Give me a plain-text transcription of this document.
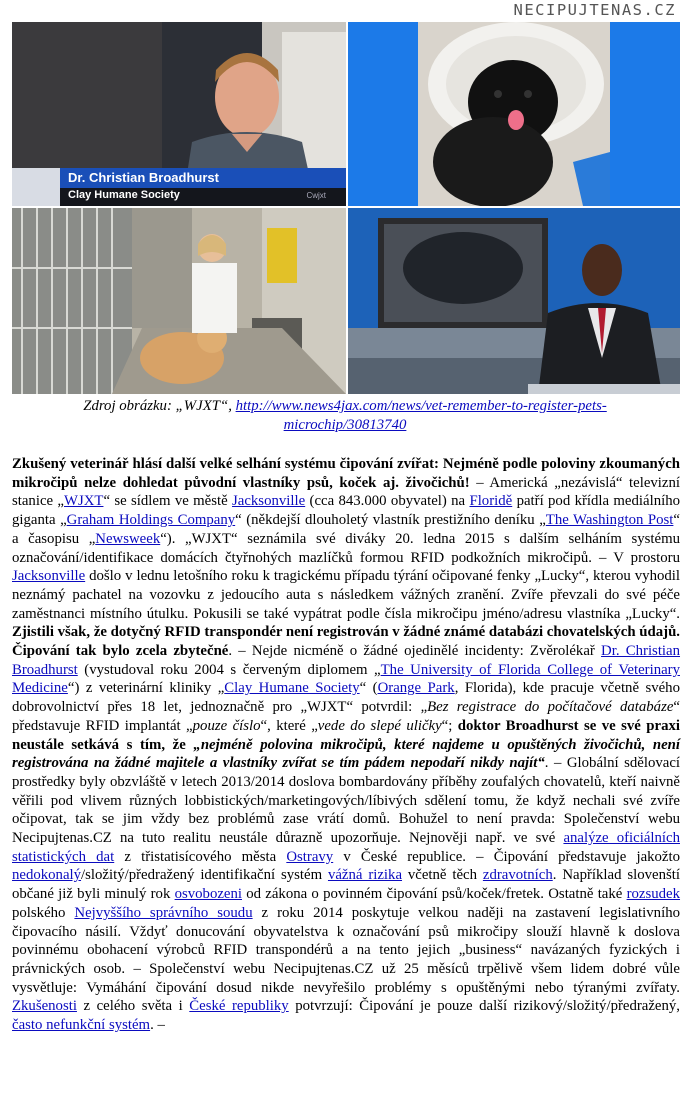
NECIPUJTENAS.CZ
Dr. Christian Broadhurst
Clay Humane Society	Cwjxt

Zdroj obrázku: „WJXT“, http://www.news4jax.com/news/vet-remember-to-register-pets-microchip/30813740

Zkušený veterinář hlásí další velké selhání systému čipování zvířat: Nejméně podle poloviny zkoumaných mikročipů nelze dohledat původní vlastníky psů, koček aj. živočichů! – Americká „nezávislá“ televizní stanice „WJXT“ se sídlem ve městě Jacksonville (cca 843.000 obyvatel) na Floridě patří pod křídla mediálního giganta „Graham Holdings Company“ (někdejší dlouholetý vlastník prestižního deníku „The Washington Post“ a časopisu „Newsweek“). „WJXT“ seznámila své diváky 20. ledna 2015 s dalším selháním systému označování/identifikace domácích čtyřnohých mazlíčků formou RFID podkožních mikročipů. – V prostoru Jacksonville došlo v lednu letošního roku k tragickému případu týrání očipované fenky „Lucky“, kterou vyhodil neznámý pachatel na vozovku z jedoucího auta s následkem vážných zranění. Zvíře převzali do své péče zaměstnanci místního útulku. Pokusili se také vypátrat podle čísla mikročipu jméno/adresu vlastníka „Lucky“. Zjistili však, že dotyčný RFID transpondér není registrován v žádné známé databázi chovatelských údajů. Čipování tak bylo zcela zbytečné. – Nejde nicméně o žádné ojedinělé incidenty: Zvěrolékař Dr. Christian Broadhurst (vystudoval roku 2004 s červeným diplomem „The University of Florida College of Veterinary Medicine“) z veterinární kliniky „Clay Humane Society“ (Orange Park, Florida), kde pracuje včetně svého dobrovolnictví přes 18 let, jednoznačně pro „WJXT“ potvrdil: „Bez registrace do počítačové databáze“ představuje RFID implantát „pouze číslo“, které „vede do slepé uličky“; doktor Broadhurst se ve své praxi neustále setkává s tím, že „nejméně polovina mikročipů, které najdeme u opuštěných živočichů, není registrována na žádné majitele a vlastníky zvířat se tím pádem nepodaří nikdy najít“. – Globální sdělovací prostředky byly obzvláště v letech 2013/2014 doslova bombardovány příběhy zoufalých chovatelů, kteří naivně věřili pod vlivem různých lobbistických/marketingových/líbivých sdělení tomu, že když nechali své zvíře očipovat, tak se jim vždy bez problémů zase vrátí domů. Bohužel to není pravda: Společenství webu Necipujtenas.CZ na tuto realitu neustále důrazně upozorňuje. Nejnověji např. ve své analýze oficiálních statistických dat z třistatisícového města Ostravy v České republice. – Čipování představuje jakožto nedokonalý/složitý/předražený identifikační systém vážná rizika včetně těch zdravotních. Například slovenští občané již byli minulý rok osvobozeni od zákona o povinném čipování psů/koček/fretek. Ostatně také rozsudek polského Nejvyššího správního soudu z roku 2014 poskytuje velkou naději na zastavení legislativního čipovacího násilí. Vždyť donucování obyvatelstva k označování psů mikročipy slouží hlavně k doslova povinnému obohacení výrobců RFID transpondérů a na tento jejich „business“ navázaných fyzických i právnických osob. – Společenství webu Necipujtenas.CZ už 25 měsíců trpělivě všem lidem dobré vůle vysvětluje: Vymáhání čipování dosud nikde nevyřešilo problémy s opuštěnými nebo týranými zvířaty. Zkušenosti z celého světa i České republiky potvrzují: Čipování je pouze další rizikový/složitý/předražený, často nefunkční systém. –
